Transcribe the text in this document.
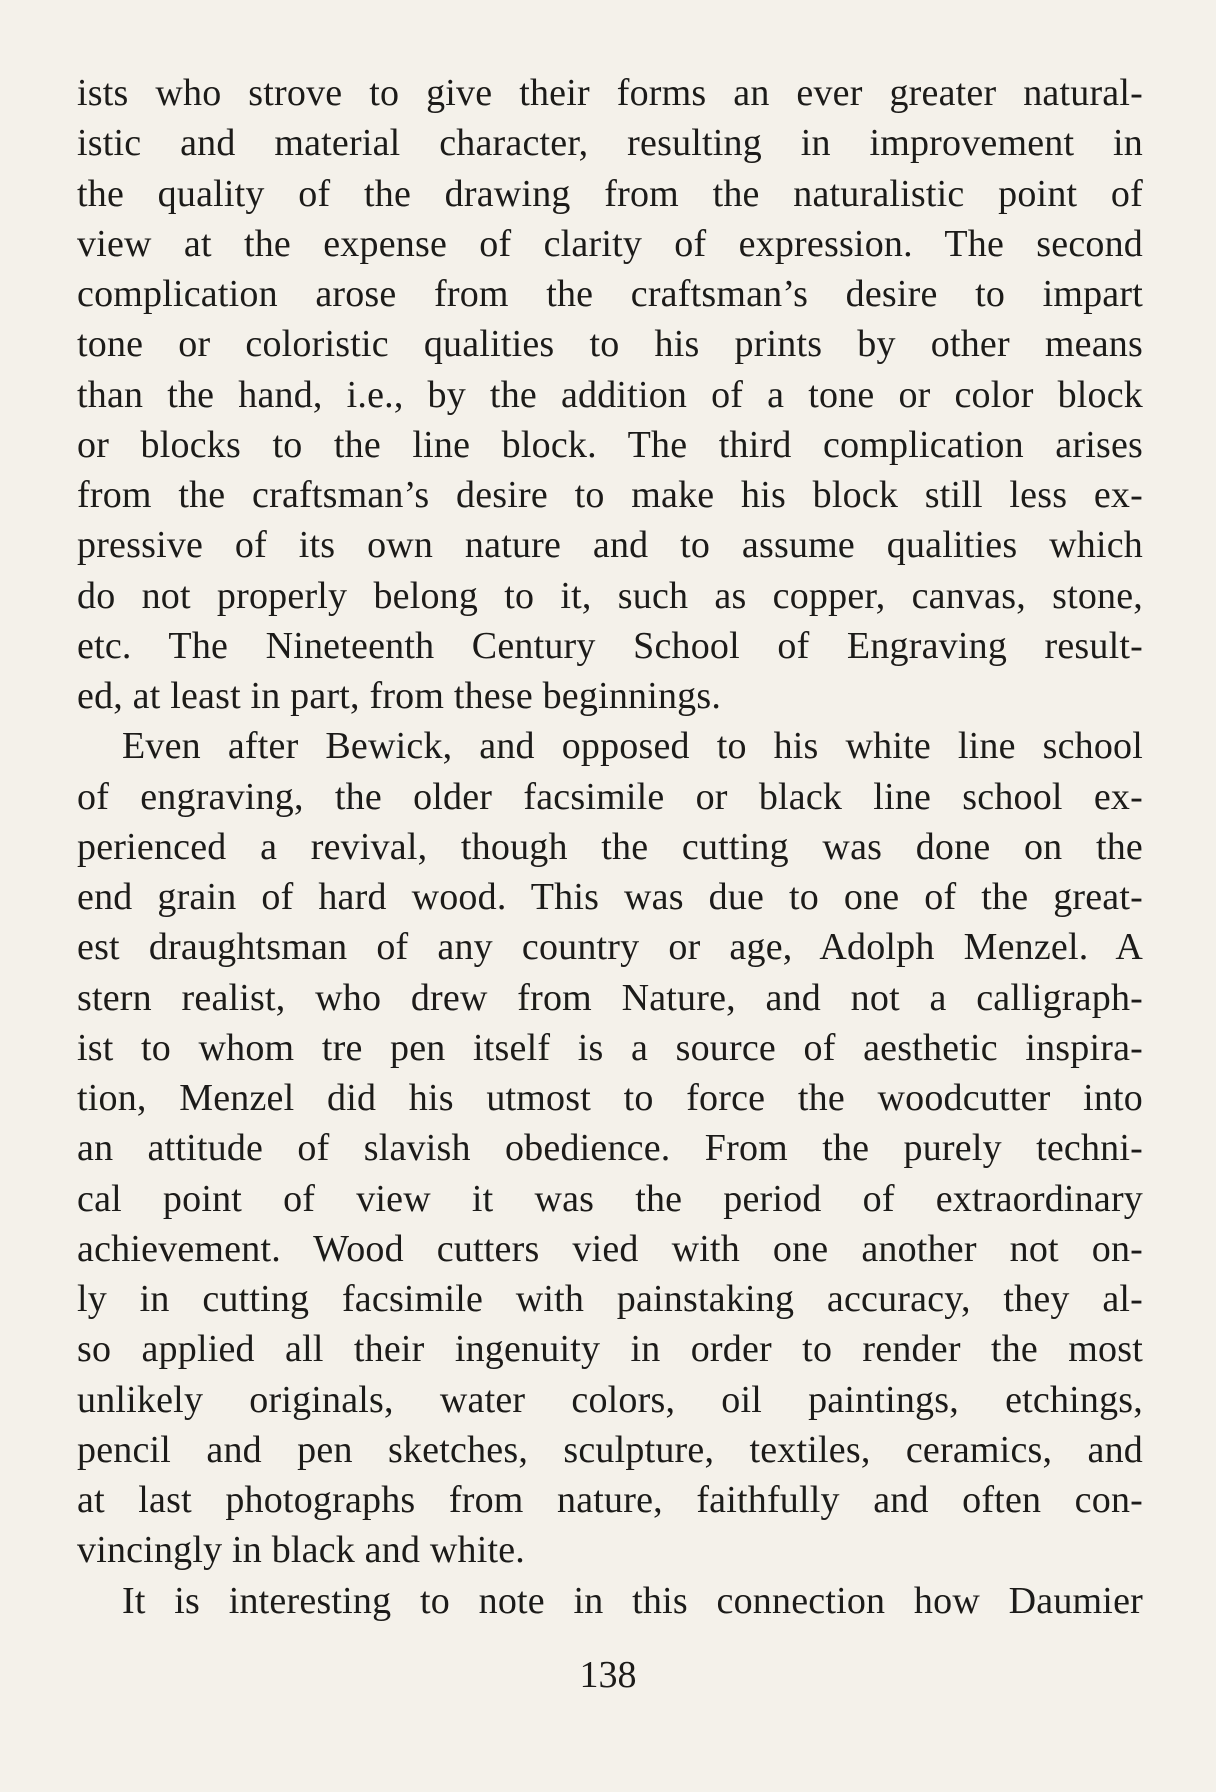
ists who strove to give their forms an ever greater natural-
istic and material character, resulting in improvement in
the quality of the drawing from the naturalistic point of
view at the expense of clarity of expression. The second
complication arose from the craftsman’s desire to impart
tone or coloristic qualities to his prints by other means
than the hand, i.e., by the addition of a tone or color block
or blocks to the line block. The third complication arises
from the craftsman’s desire to make his block still less ex-
pressive of its own nature and to assume qualities which
do not properly belong to it, such as copper, canvas, stone,
etc. The Nineteenth Century School of Engraving result-
ed, at least in part, from these beginnings.
Even after Bewick, and opposed to his white line school
of engraving, the older facsimile or black line school ex-
perienced a revival, though the cutting was done on the
end grain of hard wood. This was due to one of the great-
est draughtsman of any country or age, Adolph Menzel. A
stern realist, who drew from Nature, and not a calligraph-
ist to whom tre pen itself is a source of aesthetic inspira-
tion, Menzel did his utmost to force the woodcutter into
an attitude of slavish obedience. From the purely techni-
cal point of view it was the period of extraordinary
achievement. Wood cutters vied with one another not on-
ly in cutting facsimile with painstaking accuracy, they al-
so applied all their ingenuity in order to render the most
unlikely originals, water colors, oil paintings, etchings,
pencil and pen sketches, sculpture, textiles, ceramics, and
at last photographs from nature, faithfully and often con-
vincingly in black and white.
It is interesting to note in this connection how Daumier
138
